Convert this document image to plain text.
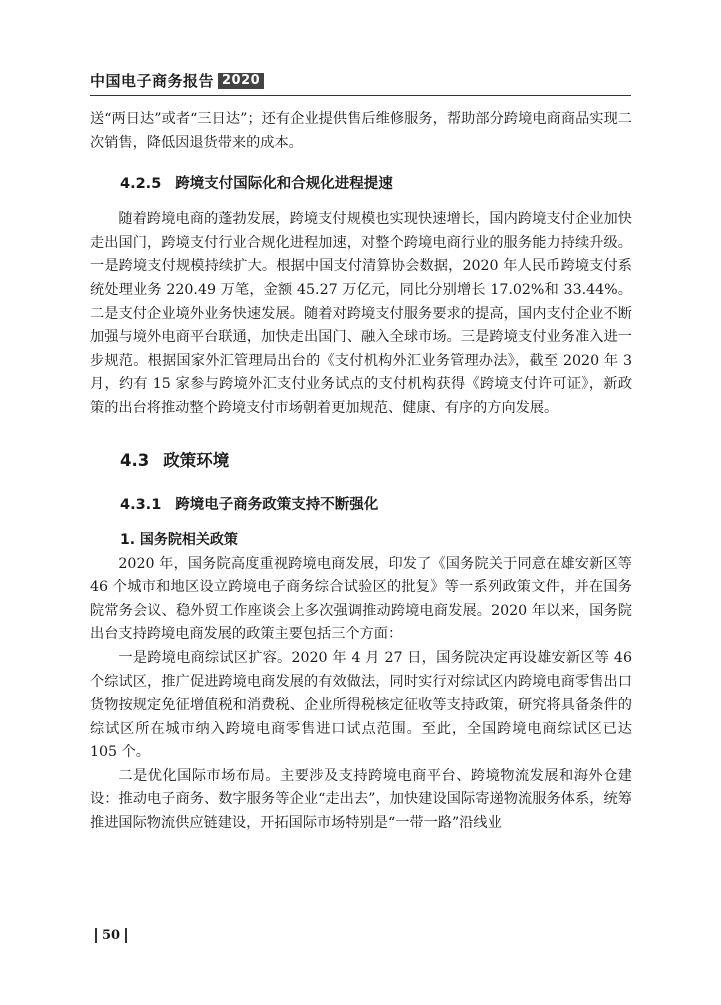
中国电子商务报告 2020

送“两日达”或者“三日达”；还有企业提供售后维修服务，帮助部分跨境电商商品实现二次销售，降低因退货带来的成本。

4.2.5 跨境支付国际化和合规化进程提速

随着跨境电商的蓬勃发展，跨境支付规模也实现快速增长，国内跨境支付企业加快走出国门，跨境支付行业合规化进程加速，对整个跨境电商行业的服务能力持续升级。一是跨境支付规模持续扩大。根据中国支付清算协会数据，2020 年人民币跨境支付系统处理业务 220.49 万笔，金额 45.27 万亿元，同比分别增长 17.02%和 33.44%。二是支付企业境外业务快速发展。随着对跨境支付服务要求的提高，国内支付企业不断加强与境外电商平台联通，加快走出国门、融入全球市场。三是跨境支付业务准入进一步规范。根据国家外汇管理局出台的《支付机构外汇业务管理办法》，截至 2020 年 3 月，约有 15 家参与跨境外汇支付业务试点的支付机构获得《跨境支付许可证》，新政策的出台将推动整个跨境支付市场朝着更加规范、健康、有序的方向发展。

4.3 政策环境
4.3.1 跨境电子商务政策支持不断强化
1. 国务院相关政策

2020 年，国务院高度重视跨境电商发展，印发了《国务院关于同意在雄安新区等 46 个城市和地区设立跨境电子商务综合试验区的批复》等一系列政策文件，并在国务院常务会议、稳外贸工作座谈会上多次强调推动跨境电商发展。2020 年以来，国务院出台支持跨境电商发展的政策主要包括三个方面：

一是跨境电商综试区扩容。2020 年 4 月 27 日，国务院决定再设雄安新区等 46 个综试区，推广促进跨境电商发展的有效做法，同时实行对综试区内跨境电商零售出口货物按规定免征增值税和消费税、企业所得税核定征收等支持政策，研究将具备条件的综试区所在城市纳入跨境电商零售进口试点范围。至此，全国跨境电商综试区已达 105 个。

二是优化国际市场布局。主要涉及支持跨境电商平台、跨境物流发展和海外仓建设：推动电子商务、数字服务等企业“走出去”，加快建设国际寄递物流服务体系，统筹推进国际物流供应链建设，开拓国际市场特别是“一带一路”沿线业

50
